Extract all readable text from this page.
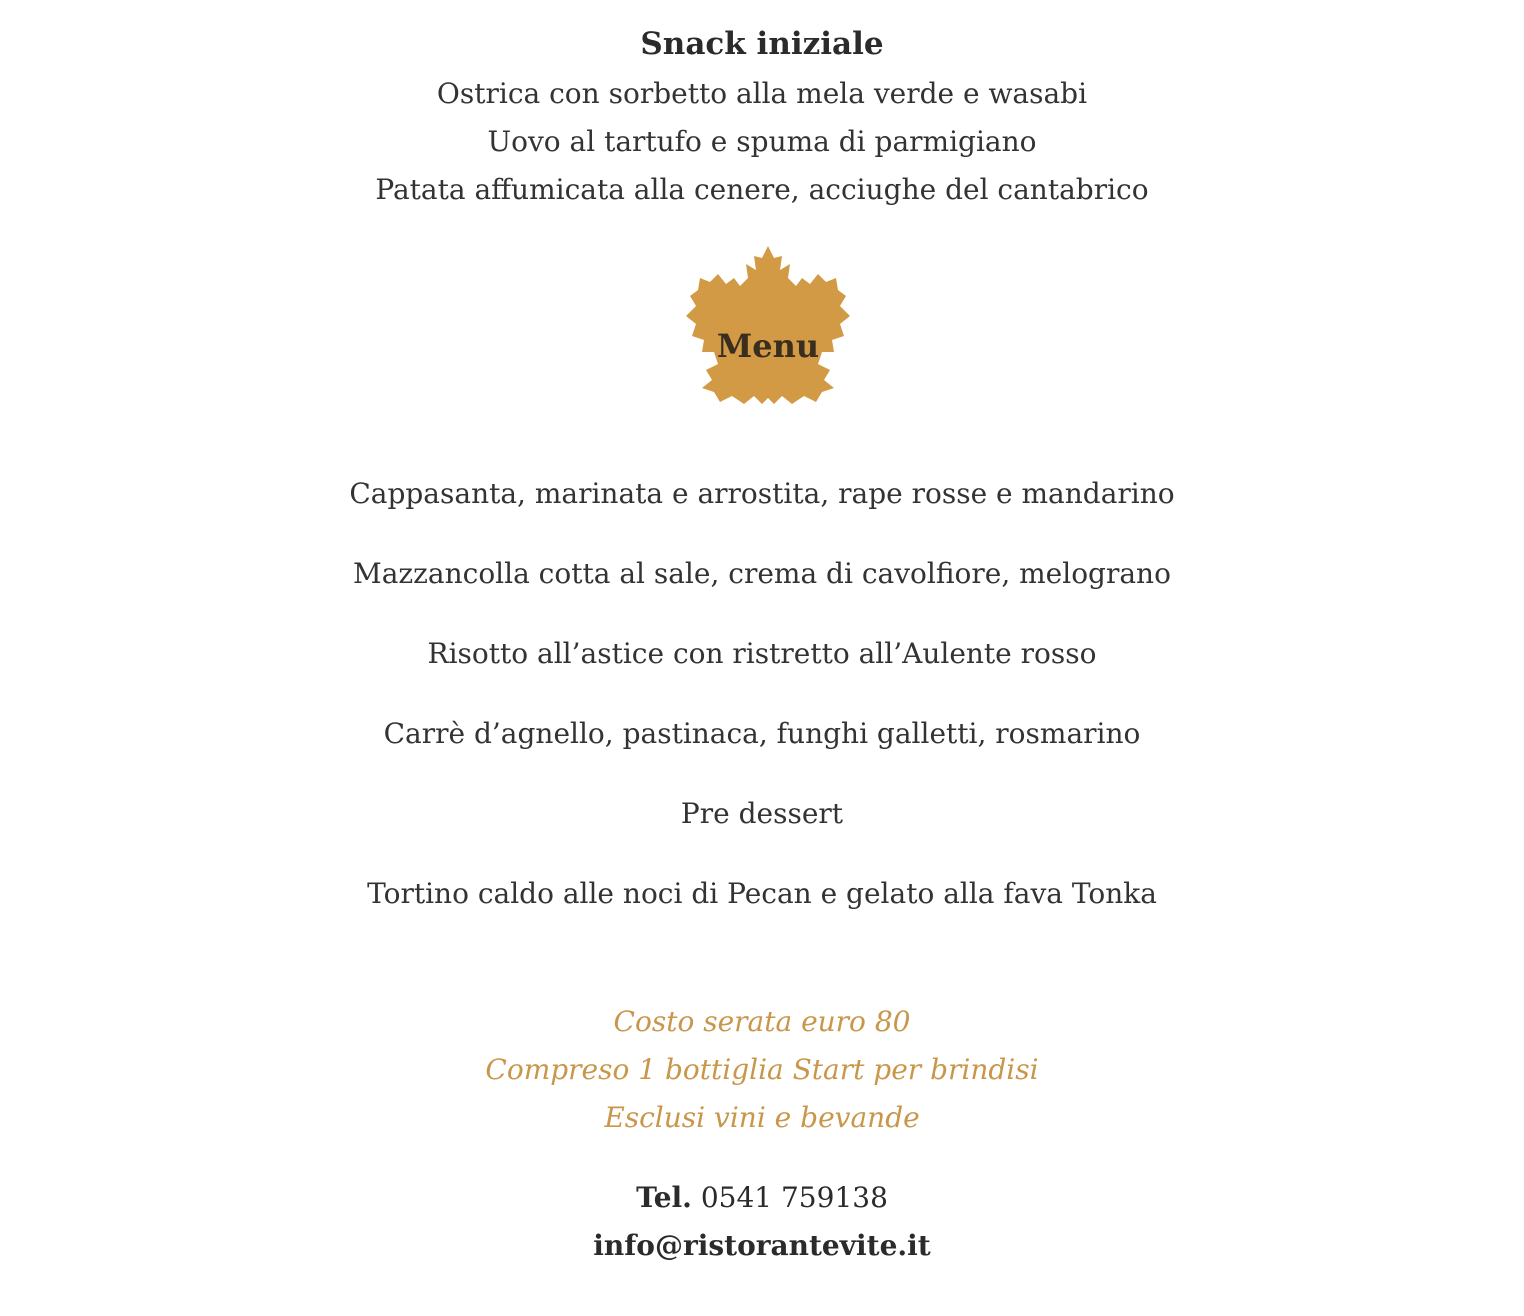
Snack iniziale
Ostrica con sorbetto alla mela verde e wasabi
Uovo al tartufo e spuma di parmigiano
Patata affumicata alla cenere, acciughe del cantabrico
Menu
Cappasanta, marinata e arrostita, rape rosse e mandarino
Mazzancolla cotta al sale, crema di cavolfiore, melograno
Risotto all’astice con ristretto all’Aulente rosso
Carrè d’agnello, pastinaca, funghi galletti, rosmarino
Pre dessert
Tortino caldo alle noci di Pecan e gelato alla fava Tonka
Costo serata euro 80
Compreso 1 bottiglia Start per brindisi
Esclusi vini e bevande
Tel. 0541 759138
info@ristorantevite.it
